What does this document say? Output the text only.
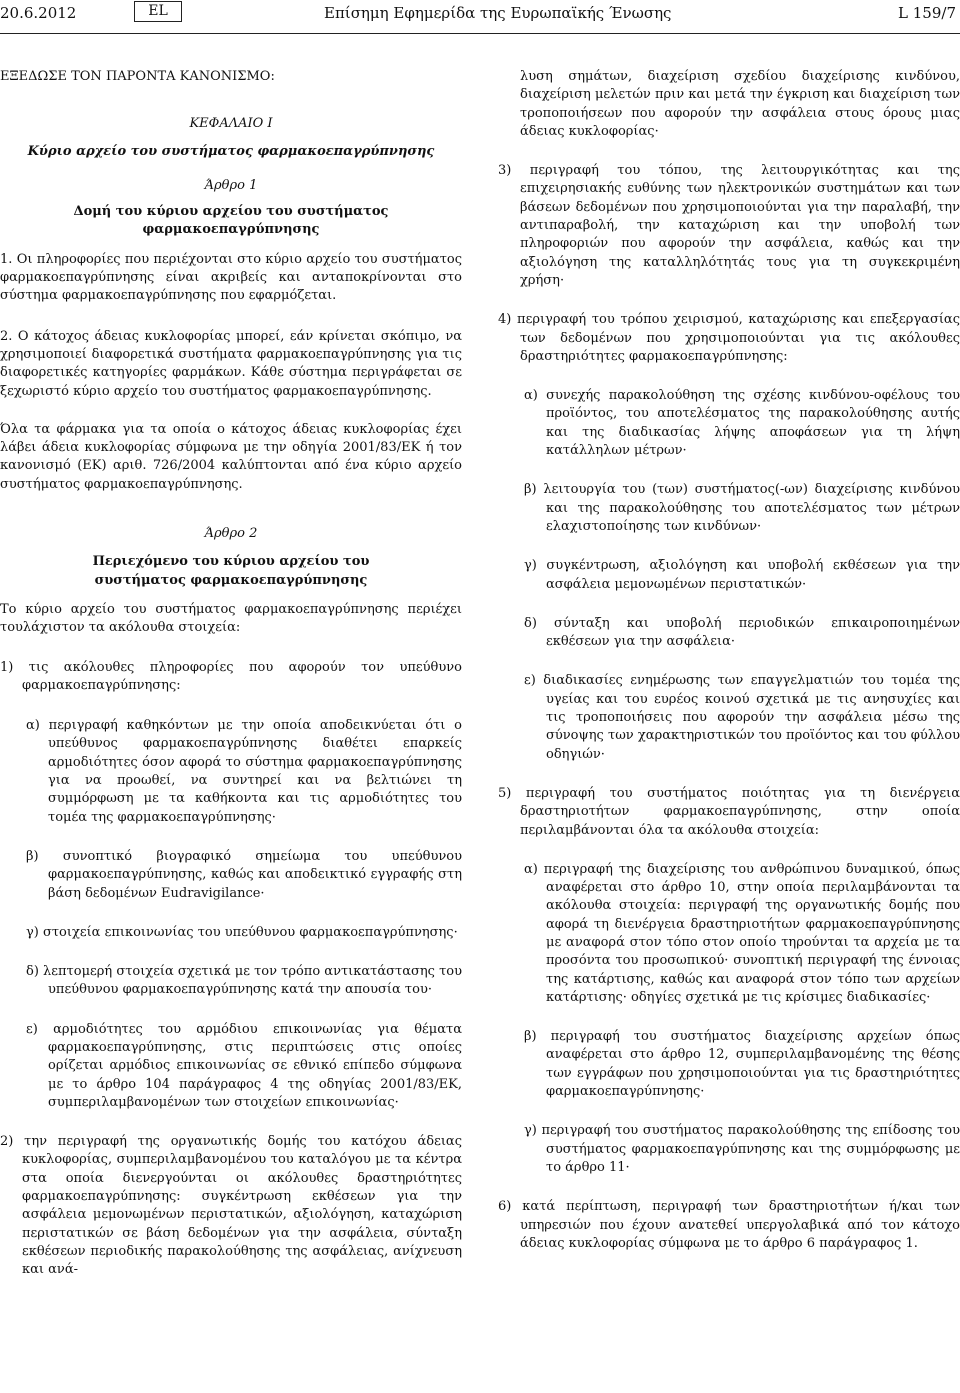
20.6.2012	EL	Επίσημη Εφημερίδα της Ευρωπαϊκής Ένωσης	L 159/7

ΕΞΕΔΩΣΕ ΤΟΝ ΠΑΡΟΝΤΑ ΚΑΝΟΝΙΣΜΟ:

ΚΕΦΑΛΑΙΟ I

Κύριο αρχείο του συστήματος φαρμακοεπαγρύπνησης

Άρθρο 1

Δομή του κύριου αρχείου του συστήματος φαρμακοεπαγρύπνησης

1. Οι πληροφορίες που περιέχονται στο κύριο αρχείο του συστήματος φαρμακοεπαγρύπνησης είναι ακριβείς και ανταποκρίνονται στο σύστημα φαρμακοεπαγρύπνησης που εφαρμόζεται.

2. Ο κάτοχος άδειας κυκλοφορίας μπορεί, εάν κρίνεται σκόπιμο, να χρησιμοποιεί διαφορετικά συστήματα φαρμακοεπαγρύπνησης για τις διαφορετικές κατηγορίες φαρμάκων. Κάθε σύστημα περιγράφεται σε ξεχωριστό κύριο αρχείο του συστήματος φαρμακοεπαγρύπνησης.

Όλα τα φάρμακα για τα οποία ο κάτοχος άδειας κυκλοφορίας έχει λάβει άδεια κυκλοφορίας σύμφωνα με την οδηγία 2001/83/ΕΚ ή τον κανονισμό (ΕΚ) αριθ. 726/2004 καλύπτονται από ένα κύριο αρχείο συστήματος φαρμακοεπαγρύπνησης.

Άρθρο 2

Περιεχόμενο του κύριου αρχείου του συστήματος φαρμακοεπαγρύπνησης

Το κύριο αρχείο του συστήματος φαρμακοεπαγρύπνησης περιέχει τουλάχιστον τα ακόλουθα στοιχεία:

1) τις ακόλουθες πληροφορίες που αφορούν τον υπεύθυνο φαρμακοεπαγρύπνησης:

α) περιγραφή καθηκόντων με την οποία αποδεικνύεται ότι ο υπεύθυνος φαρμακοεπαγρύπνησης διαθέτει επαρκείς αρμοδιότητες όσον αφορά το σύστημα φαρμακοεπαγρύπνησης για να προωθεί, να συντηρεί και να βελτιώνει τη συμμόρφωση με τα καθήκοντα και τις αρμοδιότητες του τομέα της φαρμακοεπαγρύπνησης·

β) συνοπτικό βιογραφικό σημείωμα του υπεύθυνου φαρμακοεπαγρύπνησης, καθώς και αποδεικτικό εγγραφής στη βάση δεδομένων Eudravigilance·

γ) στοιχεία επικοινωνίας του υπεύθυνου φαρμακοεπαγρύπνησης·

δ) λεπτομερή στοιχεία σχετικά με τον τρόπο αντικατάστασης του υπεύθυνου φαρμακοεπαγρύπνησης κατά την απουσία του·

ε) αρμοδιότητες του αρμόδιου επικοινωνίας για θέματα φαρμακοεπαγρύπνησης, στις περιπτώσεις στις οποίες ορίζεται αρμόδιος επικοινωνίας σε εθνικό επίπεδο σύμφωνα με το άρθρο 104 παράγραφος 4 της οδηγίας 2001/83/ΕΚ, συμπεριλαμβανομένων των στοιχείων επικοινωνίας·

2) την περιγραφή της οργανωτικής δομής του κατόχου άδειας κυκλοφορίας, συμπεριλαμβανομένου του καταλόγου με τα κέντρα στα οποία διενεργούνται οι ακόλουθες δραστηριότητες φαρμακοεπαγρύπνησης: συγκέντρωση εκθέσεων για την ασφάλεια μεμονωμένων περιστατικών, αξιολόγηση, καταχώριση περιστατικών σε βάση δεδομένων για την ασφάλεια, σύνταξη εκθέσεων περιοδικής παρακολούθησης της ασφάλειας, ανίχνευση και ανά-

λυση σημάτων, διαχείριση σχεδίου διαχείρισης κινδύνου, διαχείριση μελετών πριν και μετά την έγκριση και διαχείριση των τροποποιήσεων που αφορούν την ασφάλεια στους όρους μιας άδειας κυκλοφορίας·

3) περιγραφή του τόπου, της λειτουργικότητας και της επιχειρησιακής ευθύνης των ηλεκτρονικών συστημάτων και των βάσεων δεδομένων που χρησιμοποιούνται για την παραλαβή, την αντιπαραβολή, την καταχώριση και την υποβολή των πληροφοριών που αφορούν την ασφάλεια, καθώς και την αξιολόγηση της καταλληλότητάς τους για τη συγκεκριμένη χρήση·

4) περιγραφή του τρόπου χειρισμού, καταχώρισης και επεξεργασίας των δεδομένων που χρησιμοποιούνται για τις ακόλουθες δραστηριότητες φαρμακοεπαγρύπνησης:

α) συνεχής παρακολούθηση της σχέσης κινδύνου-οφέλους του προϊόντος, του αποτελέσματος της παρακολούθησης αυτής και της διαδικασίας λήψης αποφάσεων για τη λήψη κατάλληλων μέτρων·

β) λειτουργία του (των) συστήματος(-ων) διαχείρισης κινδύνου και της παρακολούθησης του αποτελέσματος των μέτρων ελαχιστοποίησης των κινδύνων·

γ) συγκέντρωση, αξιολόγηση και υποβολή εκθέσεων για την ασφάλεια μεμονωμένων περιστατικών·

δ) σύνταξη και υποβολή περιοδικών επικαιροποιημένων εκθέσεων για την ασφάλεια·

ε) διαδικασίες ενημέρωσης των επαγγελματιών του τομέα της υγείας και του ευρέος κοινού σχετικά με τις ανησυχίες και τις τροποποιήσεις που αφορούν την ασφάλεια μέσω της σύνοψης των χαρακτηριστικών του προϊόντος και του φύλλου οδηγιών·

5) περιγραφή του συστήματος ποιότητας για τη διενέργεια δραστηριοτήτων φαρμακοεπαγρύπνησης, στην οποία περιλαμβάνονται όλα τα ακόλουθα στοιχεία:

α) περιγραφή της διαχείρισης του ανθρώπινου δυναμικού, όπως αναφέρεται στο άρθρο 10, στην οποία περιλαμβάνονται τα ακόλουθα στοιχεία: περιγραφή της οργανωτικής δομής που αφορά τη διενέργεια δραστηριοτήτων φαρμακοεπαγρύπνησης με αναφορά στον τόπο στον οποίο τηρούνται τα αρχεία με τα προσόντα του προσωπικού· συνοπτική περιγραφή της έννοιας της κατάρτισης, καθώς και αναφορά στον τόπο των αρχείων κατάρτισης· οδηγίες σχετικά με τις κρίσιμες διαδικασίες·

β) περιγραφή του συστήματος διαχείρισης αρχείων όπως αναφέρεται στο άρθρο 12, συμπεριλαμβανομένης της θέσης των εγγράφων που χρησιμοποιούνται για τις δραστηριότητες φαρμακοεπαγρύπνησης·

γ) περιγραφή του συστήματος παρακολούθησης της επίδοσης του συστήματος φαρμακοεπαγρύπνησης και της συμμόρφωσης με το άρθρο 11·

6) κατά περίπτωση, περιγραφή των δραστηριοτήτων ή/και των υπηρεσιών που έχουν ανατεθεί υπεργολαβικά από τον κάτοχο άδειας κυκλοφορίας σύμφωνα με το άρθρο 6 παράγραφος 1.
